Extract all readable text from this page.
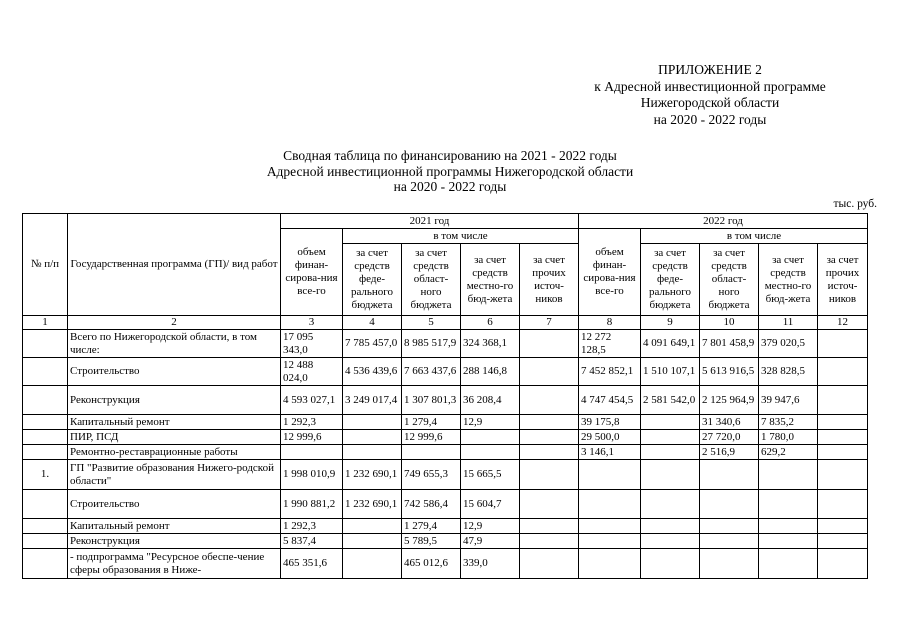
ПРИЛОЖЕНИЕ 2
к Адресной инвестиционной программе
Нижегородской области
на 2020 - 2022 годы
Сводная таблица по финансированию на 2021 - 2022 годы
Адресной инвестиционной программы Нижегородской области
на 2020 - 2022 годы
тыс. руб.
№ п/п	Государственная программа (ГП)/ вид работ	2021 год					2022 год				
		объем финан-сирова-ния все-го	в том числе				объем финан-сирова-ния все-го	в том числе			
			за счет средств феде-рального бюджета	за счет средств област-ного бюджета	за счет средств местно-го бюд-жета	за счет прочих источ-ников		за счет средств феде-рального бюджета	за счет средств област-ного бюджета	за счет средств местно-го бюд-жета	за счет прочих источ-ников
1	2	3	4	5	6	7	8	9	10	11	12
	Всего по Нижегородской области, в том числе:	17 095 343,0	7 785 457,0	8 985 517,9	324 368,1		12 272 128,5	4 091 649,1	7 801 458,9	379 020,5	
	Строительство	12 488 024,0	4 536 439,6	7 663 437,6	288 146,8		7 452 852,1	1 510 107,1	5 613 916,5	328 828,5	
	Реконструкция	4 593 027,1	3 249 017,4	1 307 801,3	36 208,4		4 747 454,5	2 581 542,0	2 125 964,9	39 947,6	
	Капитальный ремонт	1 292,3		1 279,4	12,9		39 175,8		31 340,6	7 835,2	
	ПИР, ПСД	12 999,6		12 999,6			29 500,0		27 720,0	1 780,0	
	Ремонтно-реставрационные работы						3 146,1		2 516,9	629,2	
1.	ГП "Развитие образования Нижего-родской области"	1 998 010,9	1 232 690,1	749 655,3	15 665,5						
	Строительство	1 990 881,2	1 232 690,1	742 586,4	15 604,7						
	Капитальный ремонт	1 292,3		1 279,4	12,9						
	Реконструкция	5 837,4		5 789,5	47,9						
	- подпрограмма "Ресурсное обеспе-чение сферы образования в Ниже-	465 351,6		465 012,6	339,0						
